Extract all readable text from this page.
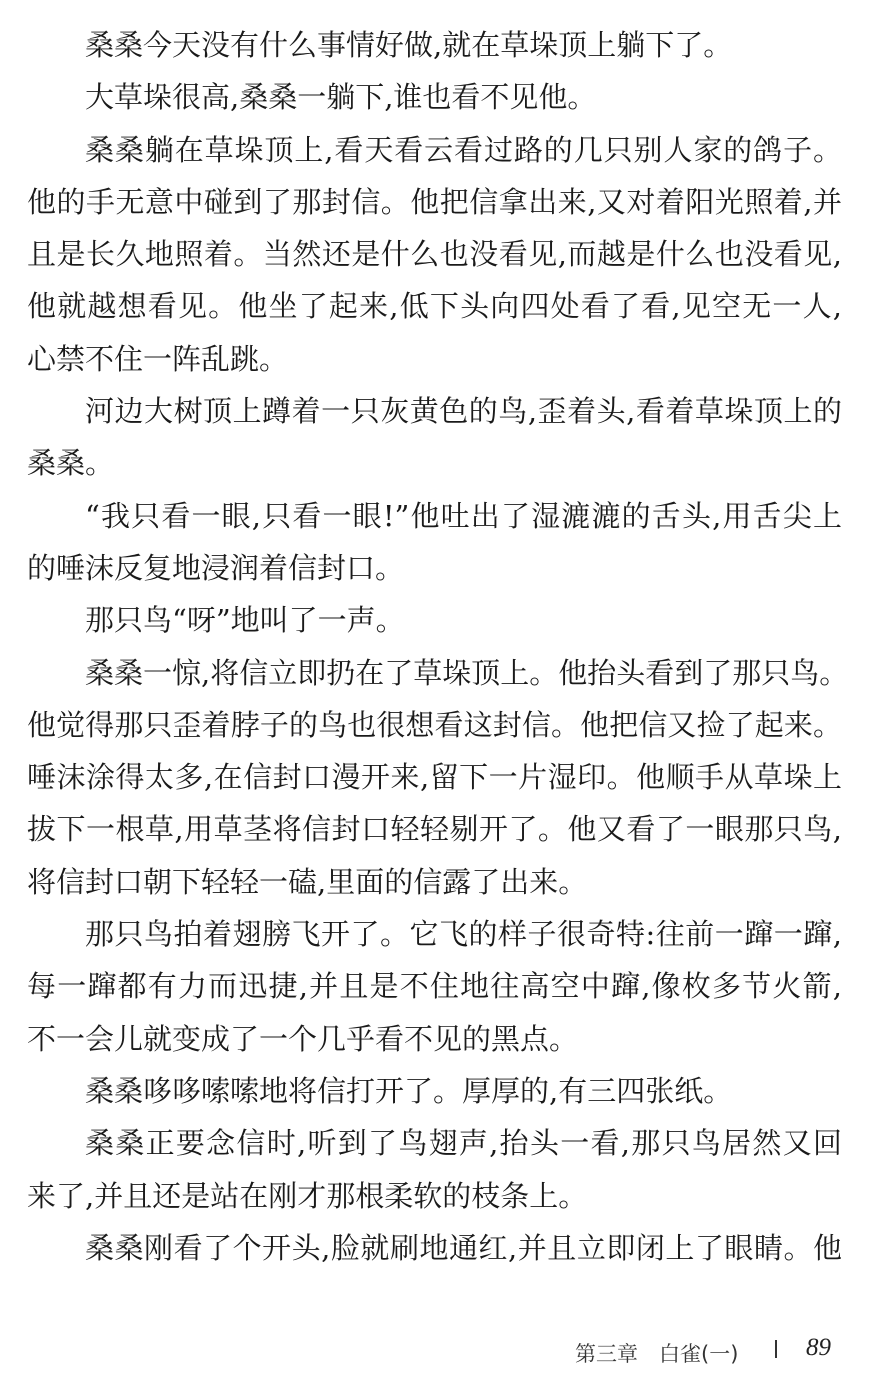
桑桑今天没有什么事情好做,就在草垛顶上躺下了。
大草垛很高,桑桑一躺下,谁也看不见他。
桑桑躺在草垛顶上,看天看云看过路的几只别人家的鸽子。
他的手无意中碰到了那封信。他把信拿出来,又对着阳光照着,并
且是长久地照着。当然还是什么也没看见,而越是什么也没看见,
他就越想看见。他坐了起来,低下头向四处看了看,见空无一人,
心禁不住一阵乱跳。
河边大树顶上蹲着一只灰黄色的鸟,歪着头,看着草垛顶上的
桑桑。
“我只看一眼,只看一眼!”他吐出了湿漉漉的舌头,用舌尖上
的唾沫反复地浸润着信封口。
那只鸟“呀”地叫了一声。
桑桑一惊,将信立即扔在了草垛顶上。他抬头看到了那只鸟。
他觉得那只歪着脖子的鸟也很想看这封信。他把信又捡了起来。
唾沫涂得太多,在信封口漫开来,留下一片湿印。他顺手从草垛上
拔下一根草,用草茎将信封口轻轻剔开了。他又看了一眼那只鸟,
将信封口朝下轻轻一磕,里面的信露了出来。
那只鸟拍着翅膀飞开了。它飞的样子很奇特:往前一蹿一蹿,
每一蹿都有力而迅捷,并且是不住地往高空中蹿,像枚多节火箭,
不一会儿就变成了一个几乎看不见的黑点。
桑桑哆哆嗦嗦地将信打开了。厚厚的,有三四张纸。
桑桑正要念信时,听到了鸟翅声,抬头一看,那只鸟居然又回
来了,并且还是站在刚才那根柔软的枝条上。
桑桑刚看了个开头,脸就刷地通红,并且立即闭上了眼睛。他
第三章　白雀(一)	89
